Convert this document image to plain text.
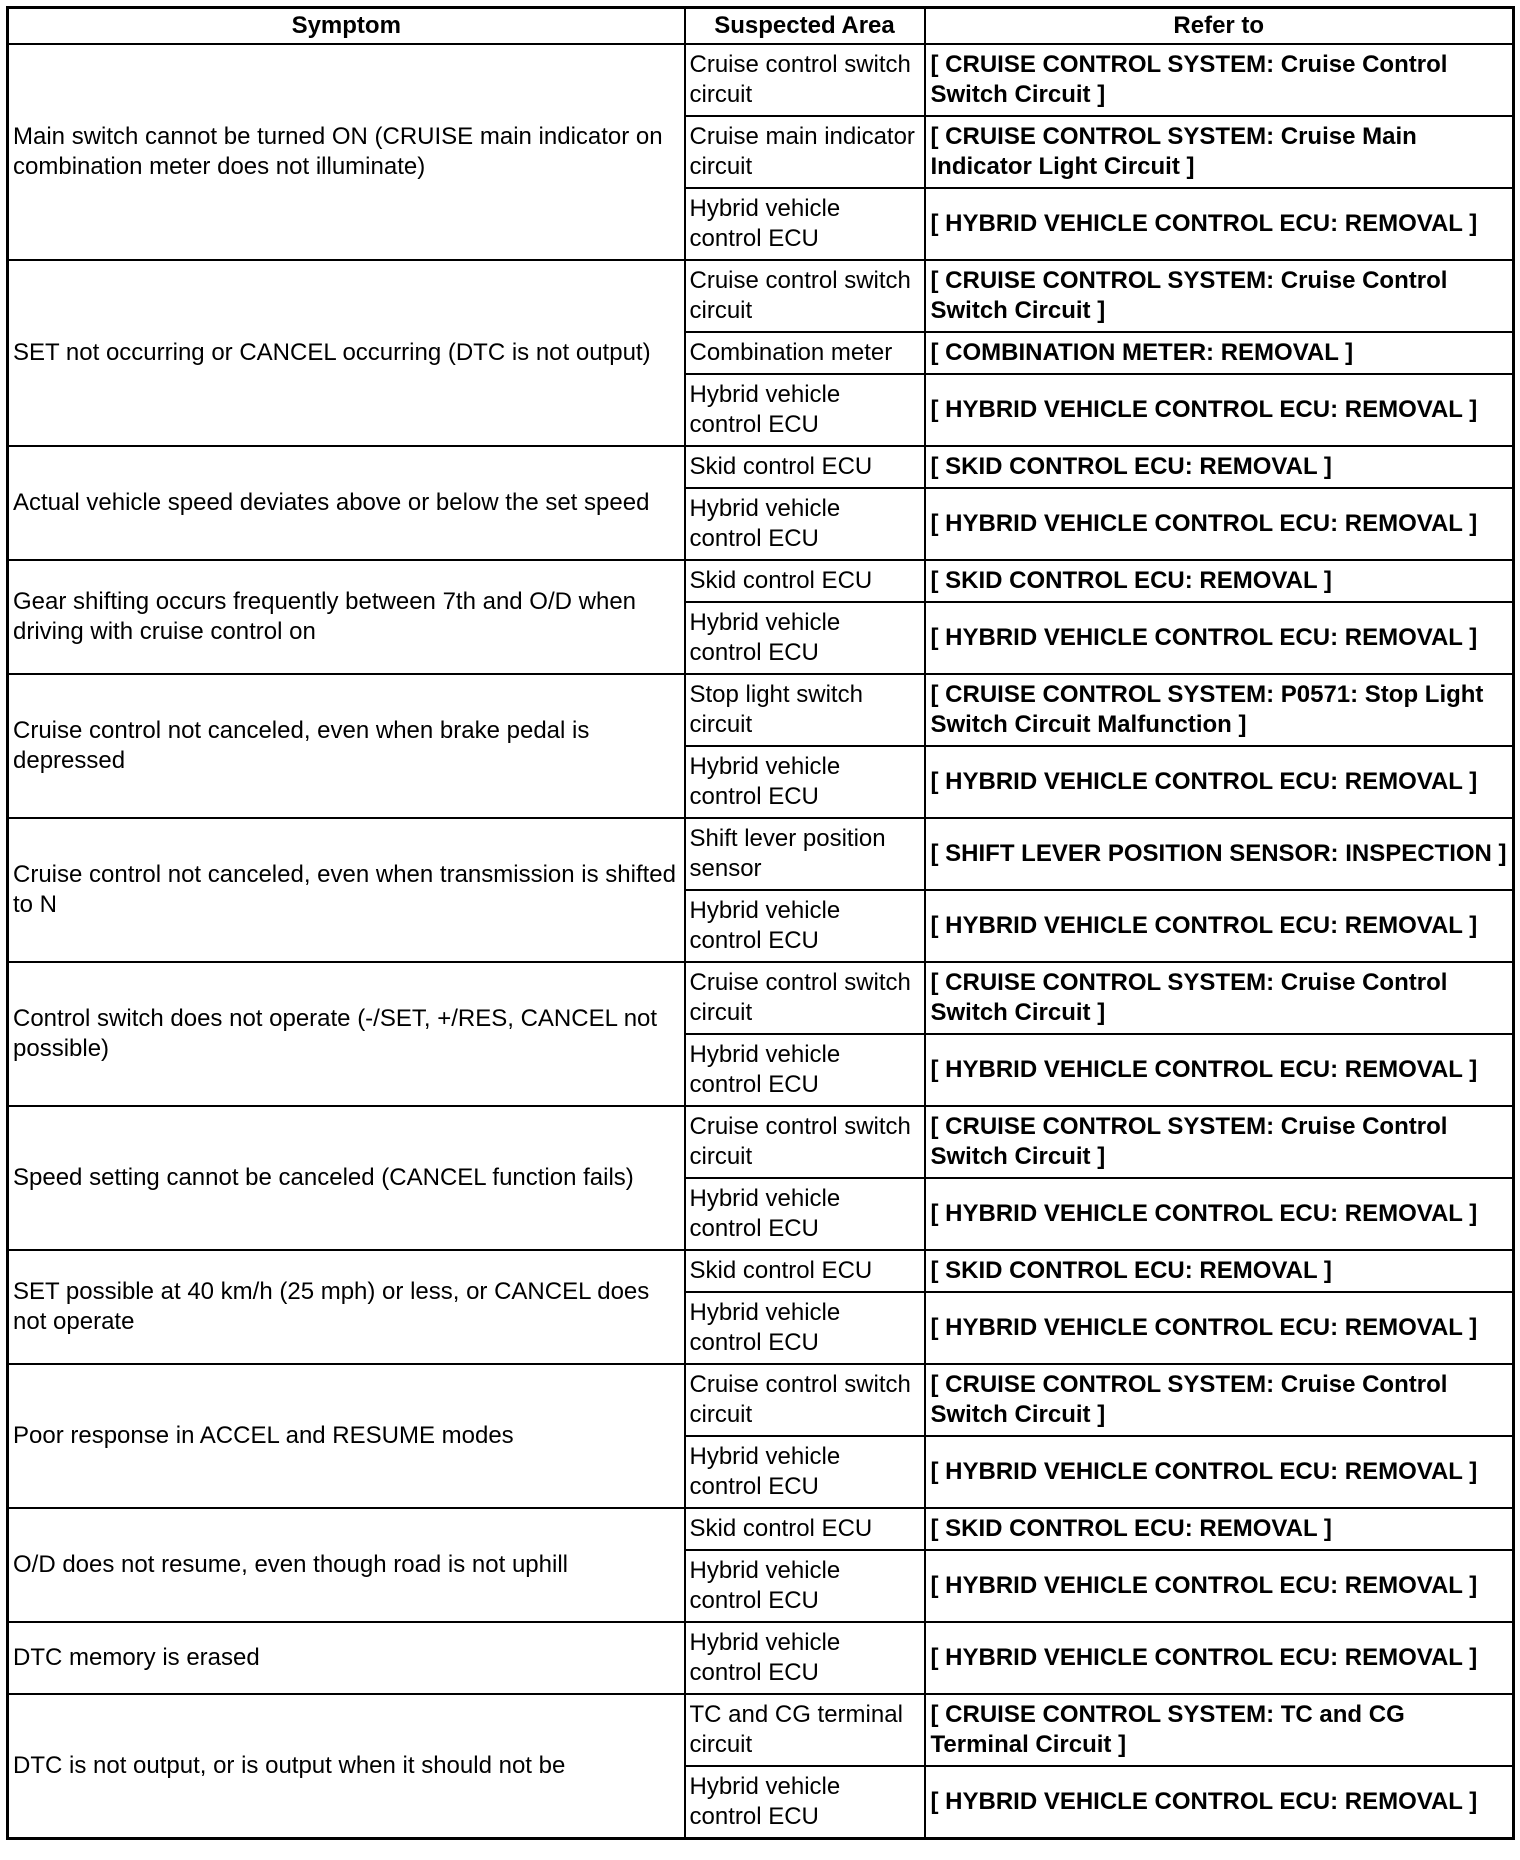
Symptom	Suspected Area	Refer to
Main switch cannot be turned ON (CRUISE main indicator on combination meter does not illuminate)	Cruise control switch circuit	[ CRUISE CONTROL SYSTEM: Cruise Control Switch Circuit ]
	Cruise main indicator circuit	[ CRUISE CONTROL SYSTEM: Cruise Main Indicator Light Circuit ]
	Hybrid vehicle control ECU	[ HYBRID VEHICLE CONTROL ECU: REMOVAL ]
SET not occurring or CANCEL occurring (DTC is not output)	Cruise control switch circuit	[ CRUISE CONTROL SYSTEM: Cruise Control Switch Circuit ]
	Combination meter	[ COMBINATION METER: REMOVAL ]
	Hybrid vehicle control ECU	[ HYBRID VEHICLE CONTROL ECU: REMOVAL ]
Actual vehicle speed deviates above or below the set speed	Skid control ECU	[ SKID CONTROL ECU: REMOVAL ]
	Hybrid vehicle control ECU	[ HYBRID VEHICLE CONTROL ECU: REMOVAL ]
Gear shifting occurs frequently between 7th and O/D when driving with cruise control on	Skid control ECU	[ SKID CONTROL ECU: REMOVAL ]
	Hybrid vehicle control ECU	[ HYBRID VEHICLE CONTROL ECU: REMOVAL ]
Cruise control not canceled, even when brake pedal is depressed	Stop light switch circuit	[ CRUISE CONTROL SYSTEM: P0571: Stop Light Switch Circuit Malfunction ]
	Hybrid vehicle control ECU	[ HYBRID VEHICLE CONTROL ECU: REMOVAL ]
Cruise control not canceled, even when transmission is shifted to N	Shift lever position sensor	[ SHIFT LEVER POSITION SENSOR: INSPECTION ]
	Hybrid vehicle control ECU	[ HYBRID VEHICLE CONTROL ECU: REMOVAL ]
Control switch does not operate (-/SET, +/RES, CANCEL not possible)	Cruise control switch circuit	[ CRUISE CONTROL SYSTEM: Cruise Control Switch Circuit ]
	Hybrid vehicle control ECU	[ HYBRID VEHICLE CONTROL ECU: REMOVAL ]
Speed setting cannot be canceled (CANCEL function fails)	Cruise control switch circuit	[ CRUISE CONTROL SYSTEM: Cruise Control Switch Circuit ]
	Hybrid vehicle control ECU	[ HYBRID VEHICLE CONTROL ECU: REMOVAL ]
SET possible at 40 km/h (25 mph) or less, or CANCEL does not operate	Skid control ECU	[ SKID CONTROL ECU: REMOVAL ]
	Hybrid vehicle control ECU	[ HYBRID VEHICLE CONTROL ECU: REMOVAL ]
Poor response in ACCEL and RESUME modes	Cruise control switch circuit	[ CRUISE CONTROL SYSTEM: Cruise Control Switch Circuit ]
	Hybrid vehicle control ECU	[ HYBRID VEHICLE CONTROL ECU: REMOVAL ]
O/D does not resume, even though road is not uphill	Skid control ECU	[ SKID CONTROL ECU: REMOVAL ]
	Hybrid vehicle control ECU	[ HYBRID VEHICLE CONTROL ECU: REMOVAL ]
DTC memory is erased	Hybrid vehicle control ECU	[ HYBRID VEHICLE CONTROL ECU: REMOVAL ]
DTC is not output, or is output when it should not be	TC and CG terminal circuit	[ CRUISE CONTROL SYSTEM: TC and CG Terminal Circuit ]
	Hybrid vehicle control ECU	[ HYBRID VEHICLE CONTROL ECU: REMOVAL ]
